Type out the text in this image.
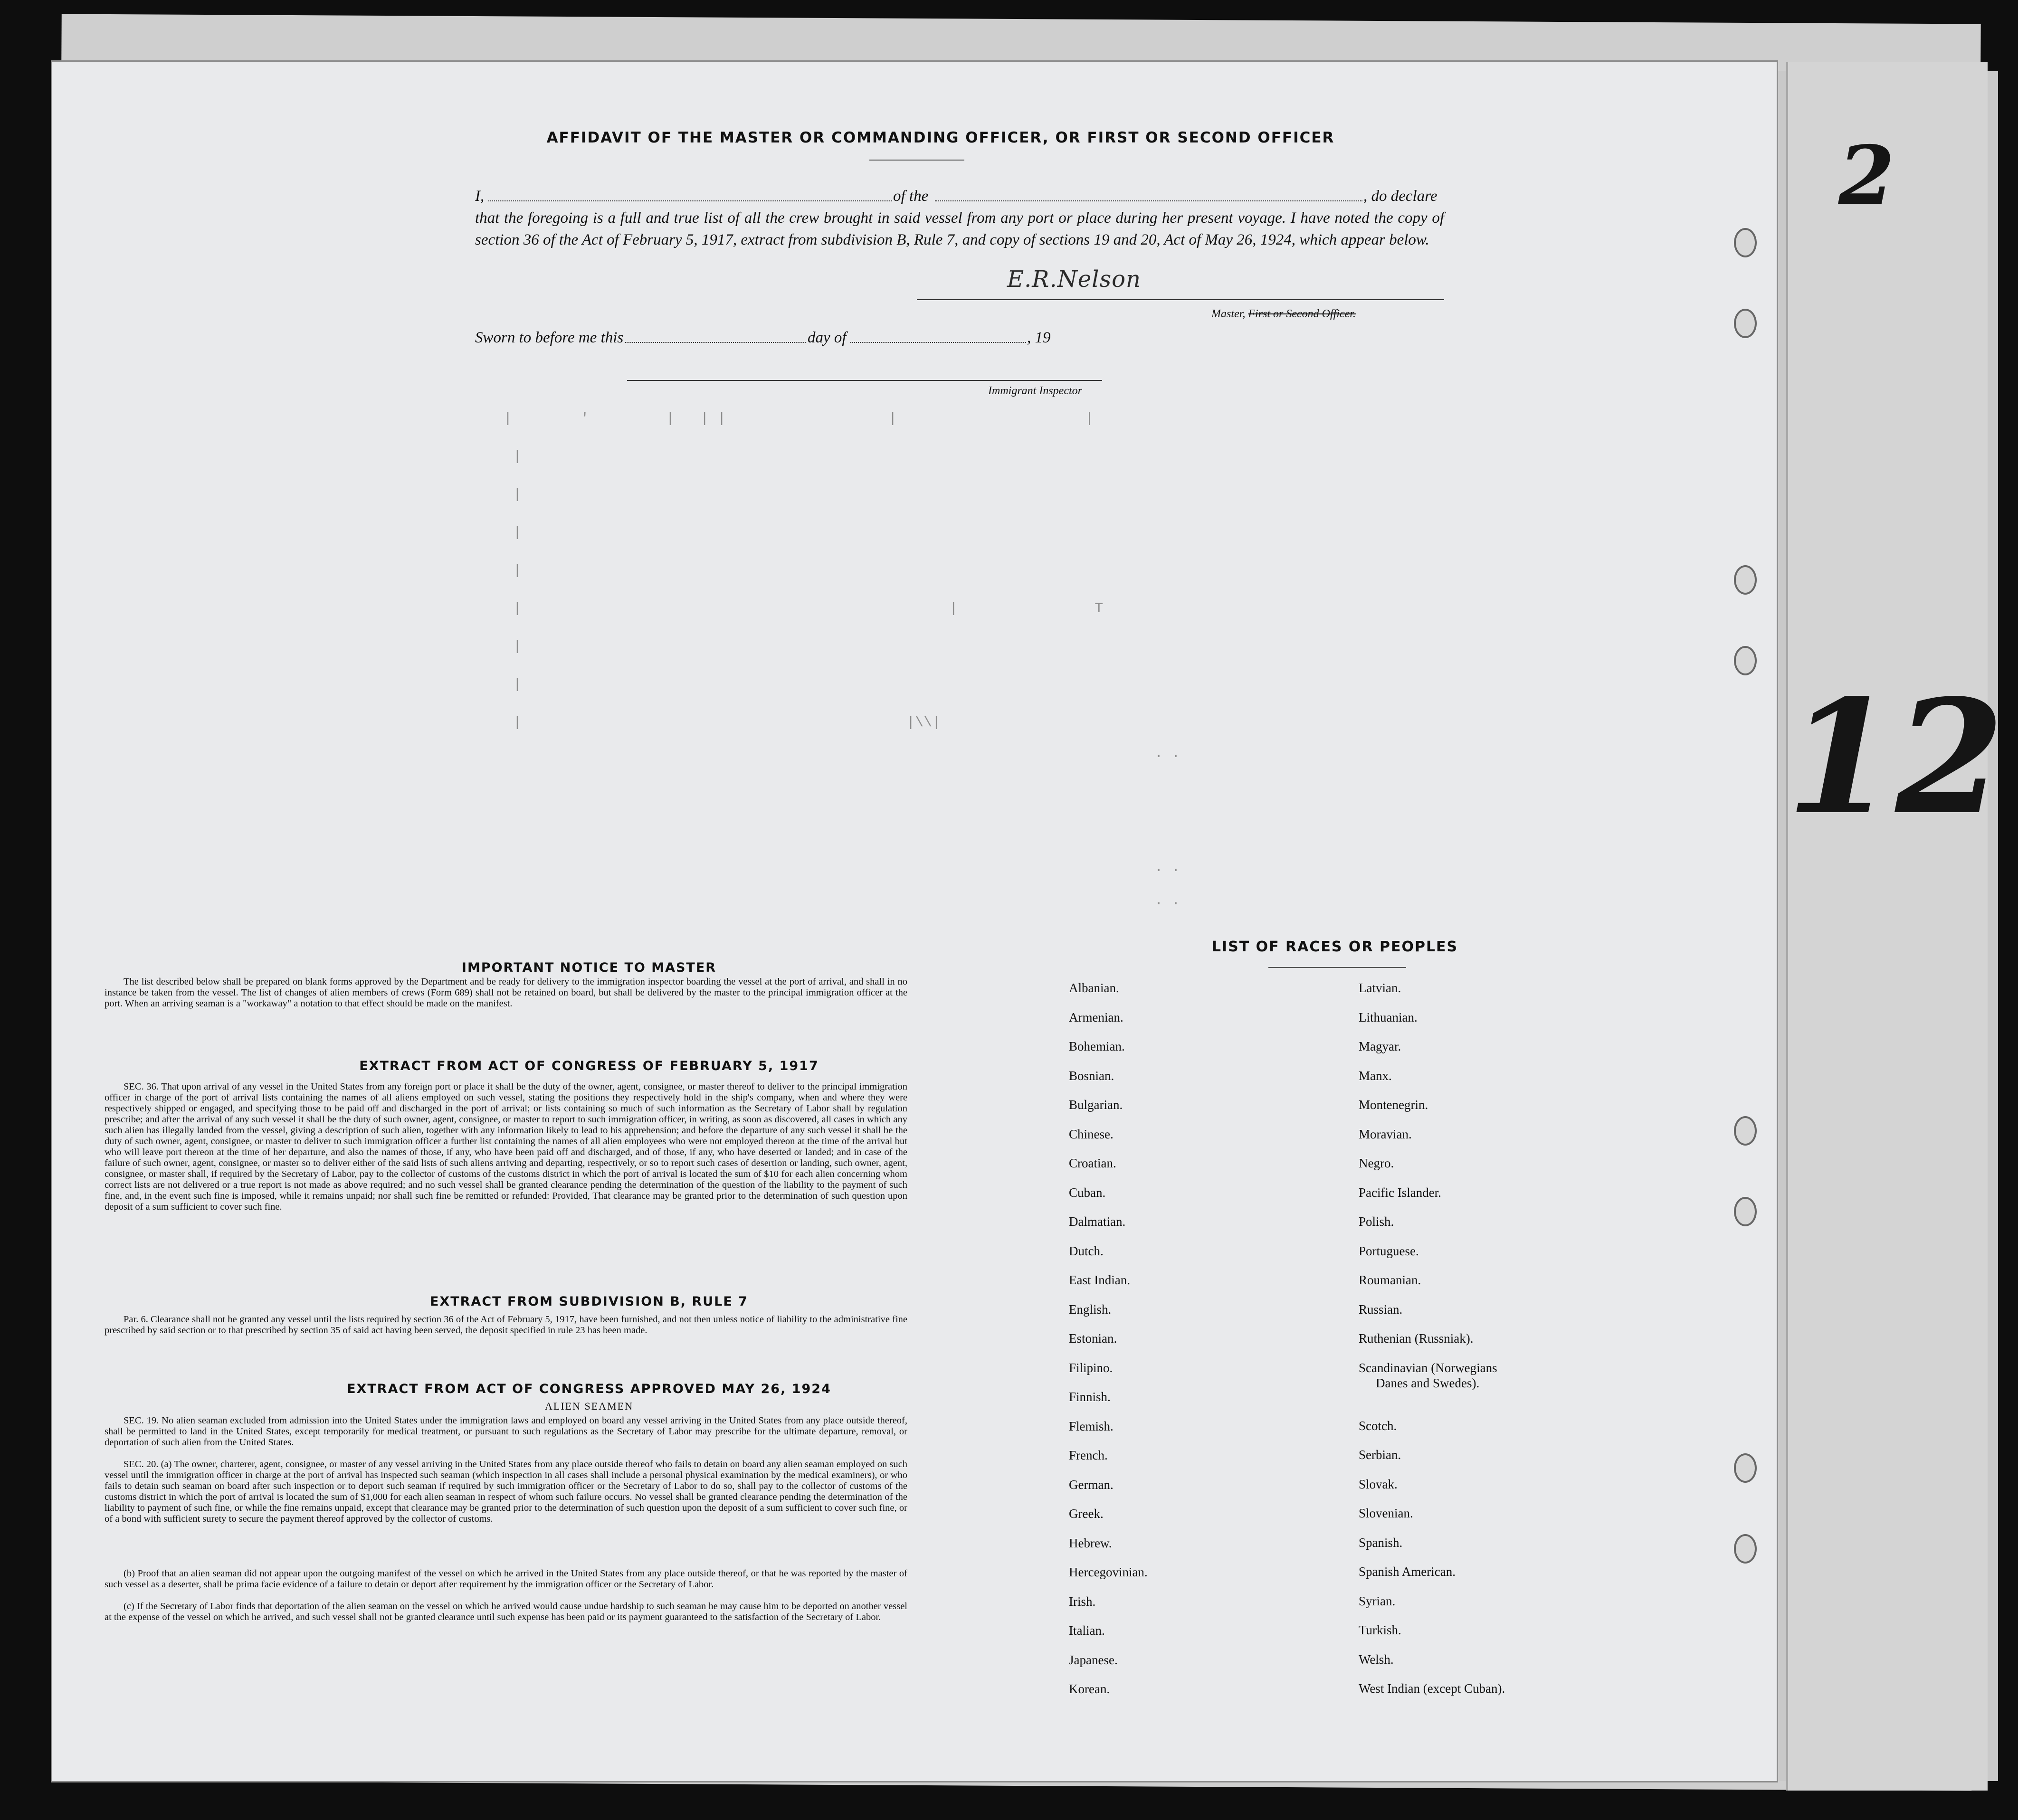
2
12
|        '         |   | |                   |                      |
|
|
|
|
|                                                  |                T
|
|
|                                             |\\|
. .
. .
. .
AFFIDAVIT OF THE MASTER OR COMMANDING OFFICER, OR FIRST OR SECOND OFFICER
I,	of the	, do declare
that the foregoing is a full and true list of all the crew brought in said vessel from any port or place during her present voyage. I have noted the copy of section 36 of the Act of February 5, 1917, extract from subdivision B, Rule 7, and copy of sections 19 and 20, Act of May 26, 1924, which appear below.
E.R.Nelson
Master, First or Second Officer.
Sworn to before me this	day of	, 19
Immigrant Inspector
IMPORTANT NOTICE TO MASTER
The list described below shall be prepared on blank forms approved by the Department and be ready for delivery to the immigration inspector boarding the vessel at the port of arrival, and shall in no instance be taken from the vessel. The list of changes of alien members of crews (Form 689) shall not be retained on board, but shall be delivered by the master to the principal immigration officer at the port. When an arriving seaman is a "workaway" a notation to that effect should be made on the manifest.
EXTRACT FROM ACT OF CONGRESS OF FEBRUARY 5, 1917
SEC. 36. That upon arrival of any vessel in the United States from any foreign port or place it shall be the duty of the owner, agent, consignee, or master thereof to deliver to the principal immigration officer in charge of the port of arrival lists containing the names of all aliens employed on such vessel, stating the positions they respectively hold in the ship's company, when and where they were respectively shipped or engaged, and specifying those to be paid off and discharged in the port of arrival; or lists containing so much of such information as the Secretary of Labor shall by regulation prescribe; and after the arrival of any such vessel it shall be the duty of such owner, agent, consignee, or master to report to such immigration officer, in writing, as soon as discovered, all cases in which any such alien has illegally landed from the vessel, giving a description of such alien, together with any information likely to lead to his apprehension; and before the departure of any such vessel it shall be the duty of such owner, agent, consignee, or master to deliver to such immigration officer a further list containing the names of all alien employees who were not employed thereon at the time of the arrival but who will leave port thereon at the time of her departure, and also the names of those, if any, who have been paid off and discharged, and of those, if any, who have deserted or landed; and in case of the failure of such owner, agent, consignee, or master so to deliver either of the said lists of such aliens arriving and departing, respectively, or so to report such cases of desertion or landing, such owner, agent, consignee, or master shall, if required by the Secretary of Labor, pay to the collector of customs of the customs district in which the port of arrival is located the sum of $10 for each alien concerning whom correct lists are not delivered or a true report is not made as above required; and no such vessel shall be granted clearance pending the determination of the question of the liability to the payment of such fine, and, in the event such fine is imposed, while it remains unpaid; nor shall such fine be remitted or refunded: Provided, That clearance may be granted prior to the determination of such question upon deposit of a sum sufficient to cover such fine.
EXTRACT FROM SUBDIVISION B, RULE 7
Par. 6. Clearance shall not be granted any vessel until the lists required by section 36 of the Act of February 5, 1917, have been furnished, and not then unless notice of liability to the administrative fine prescribed by said section or to that prescribed by section 35 of said act having been served, the deposit specified in rule 23 has been made.
EXTRACT FROM ACT OF CONGRESS APPROVED MAY 26, 1924
ALIEN SEAMEN
SEC. 19. No alien seaman excluded from admission into the United States under the immigration laws and employed on board any vessel arriving in the United States from any place outside thereof, shall be permitted to land in the United States, except temporarily for medical treatment, or pursuant to such regulations as the Secretary of Labor may prescribe for the ultimate departure, removal, or deportation of such alien from the United States.
SEC. 20. (a) The owner, charterer, agent, consignee, or master of any vessel arriving in the United States from any place outside thereof who fails to detain on board any alien seaman employed on such vessel until the immigration officer in charge at the port of arrival has inspected such seaman (which inspection in all cases shall include a personal physical examination by the medical examiners), or who fails to detain such seaman on board after such inspection or to deport such seaman if required by such immigration officer or the Secretary of Labor to do so, shall pay to the collector of customs of the customs district in which the port of arrival is located the sum of $1,000 for each alien seaman in respect of whom such failure occurs. No vessel shall be granted clearance pending the determination of the liability to payment of such fine, or while the fine remains unpaid, except that clearance may be granted prior to the determination of such question upon the deposit of a sum sufficient to cover such fine, or of a bond with sufficient surety to secure the payment thereof approved by the collector of customs.
(b) Proof that an alien seaman did not appear upon the outgoing manifest of the vessel on which he arrived in the United States from any place outside thereof, or that he was reported by the master of such vessel as a deserter, shall be prima facie evidence of a failure to detain or deport after requirement by the immigration officer or the Secretary of Labor.
(c) If the Secretary of Labor finds that deportation of the alien seaman on the vessel on which he arrived would cause undue hardship to such seaman he may cause him to be deported on another vessel at the expense of the vessel on which he arrived, and such vessel shall not be granted clearance until such expense has been paid or its payment guaranteed to the satisfaction of the Secretary of Labor.
LIST OF RACES OR PEOPLES
Albanian.
Armenian.
Bohemian.
Bosnian.
Bulgarian.
Chinese.
Croatian.
Cuban.
Dalmatian.
Dutch.
East Indian.
English.
Estonian.
Filipino.
Finnish.
Flemish.
French.
German.
Greek.
Hebrew.
Hercegovinian.
Irish.
Italian.
Japanese.
Korean.
Latvian.
Lithuanian.
Magyar.
Manx.
Montenegrin.
Moravian.
Negro.
Pacific Islander.
Polish.
Portuguese.
Roumanian.
Russian.
Ruthenian (Russniak).
Scandinavian (Norwegians
Danes and Swedes).
Scotch.
Serbian.
Slovak.
Slovenian.
Spanish.
Spanish American.
Syrian.
Turkish.
Welsh.
West Indian (except Cuban).
